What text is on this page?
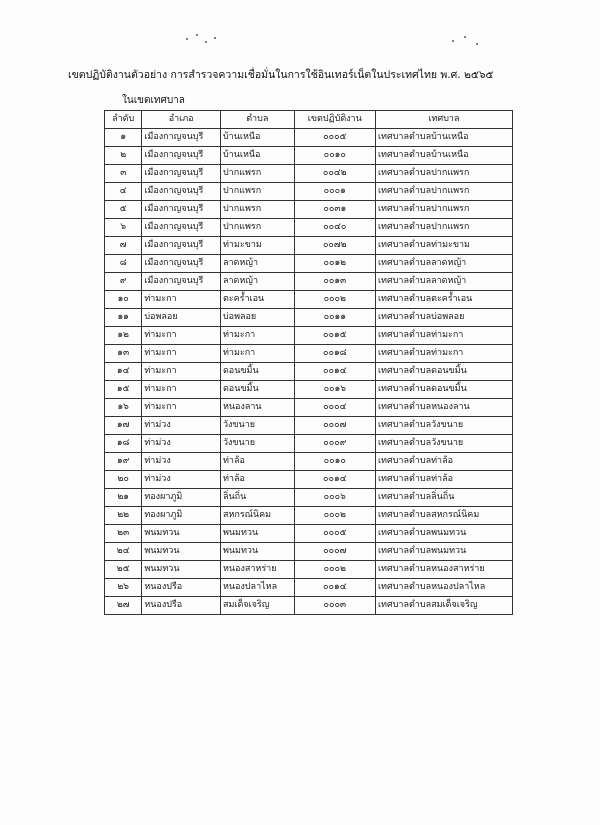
เขตปฏิบัติงานตัวอย่าง การสำรวจความเชื่อมั่นในการใช้อินเทอร์เน็ตในประเทศไทย พ.ศ. ๒๕๖๕
ในเขตเทศบาล
ลำดับ	อำเภอ	ตำบล	เขตปฏิบัติงาน	เทศบาล
๑	เมืองกาญจนบุรี	บ้านเหนือ	๐๐๐๕	เทศบาลตำบลบ้านเหนือ
๒	เมืองกาญจนบุรี	บ้านเหนือ	๐๐๑๐	เทศบาลตำบลบ้านเหนือ
๓	เมืองกาญจนบุรี	ปากแพรก	๐๐๔๒	เทศบาลตำบลปากแพรก
๔	เมืองกาญจนบุรี	ปากแพรก	๐๐๐๑	เทศบาลตำบลปากแพรก
๕	เมืองกาญจนบุรี	ปากแพรก	๐๐๓๑	เทศบาลตำบลปากแพรก
๖	เมืองกาญจนบุรี	ปากแพรก	๐๐๔๐	เทศบาลตำบลปากแพรก
๗	เมืองกาญจนบุรี	ท่ามะขาม	๐๐๗๒	เทศบาลตำบลท่ามะขาม
๘	เมืองกาญจนบุรี	ลาดหญ้า	๐๐๑๒	เทศบาลตำบลลาดหญ้า
๙	เมืองกาญจนบุรี	ลาดหญ้า	๐๐๑๓	เทศบาลตำบลลาดหญ้า
๑๐	ท่ามะกา	ตะคร้ำเอน	๐๐๐๒	เทศบาลตำบลตะคร้ำเอน
๑๑	บ่อพลอย	บ่อพลอย	๐๐๑๑	เทศบาลตำบลบ่อพลอย
๑๒	ท่ามะกา	ท่ามะกา	๐๐๑๕	เทศบาลตำบลท่ามะกา
๑๓	ท่ามะกา	ท่ามะกา	๐๐๑๘	เทศบาลตำบลท่ามะกา
๑๔	ท่ามะกา	ดอนขมิ้น	๐๐๑๔	เทศบาลตำบลดอนขมิ้น
๑๕	ท่ามะกา	ดอนขมิ้น	๐๐๑๖	เทศบาลตำบลดอนขมิ้น
๑๖	ท่ามะกา	หนองลาน	๐๐๐๔	เทศบาลตำบลหนองลาน
๑๗	ท่าม่วง	วังขนาย	๐๐๐๗	เทศบาลตำบลวังขนาย
๑๘	ท่าม่วง	วังขนาย	๐๐๐๙	เทศบาลตำบลวังขนาย
๑๙	ท่าม่วง	ท่าล้อ	๐๐๑๐	เทศบาลตำบลท่าล้อ
๒๐	ท่าม่วง	ท่าล้อ	๐๐๑๔	เทศบาลตำบลท่าล้อ
๒๑	ทองผาภูมิ	ลิ่นถิ่น	๐๐๐๖	เทศบาลตำบลลิ่นถิ่น
๒๒	ทองผาภูมิ	สหกรณ์นิคม	๐๐๐๒	เทศบาลตำบลสหกรณ์นิคม
๒๓	พนมทวน	พนมทวน	๐๐๐๕	เทศบาลตำบลพนมทวน
๒๔	พนมทวน	พนมทวน	๐๐๐๗	เทศบาลตำบลพนมทวน
๒๕	พนมทวน	หนองสาหร่าย	๐๐๐๒	เทศบาลตำบลหนองสาหร่าย
๒๖	หนองปรือ	หนองปลาไหล	๐๐๑๔	เทศบาลตำบลหนองปลาไหล
๒๗	หนองปรือ	สมเด็จเจริญ	๐๐๐๓	เทศบาลตำบลสมเด็จเจริญ
